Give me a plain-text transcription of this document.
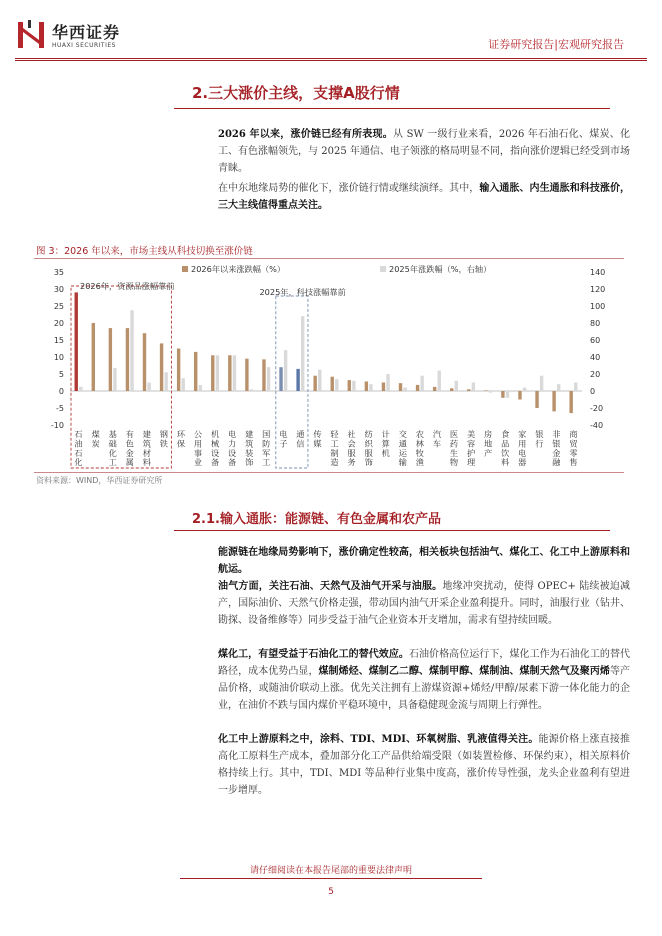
华西证券
HUAXI SECURITIES	证券研究报告|宏观研究报告
2.三大涨价主线，支撑A股行情
2026 年以来，涨价链已经有所表现。从 SW 一级行业来看，2026 年石油石化、煤炭、化工、有色涨幅领先，与 2025 年通信、电子领涨的格局明显不同，指向涨价逻辑已经受到市场青睐。
在中东地缘局势的催化下，涨价链行情或继续演绎。其中，输入通胀、内生通胀和科技涨价，三大主线值得重点关注。
图 3：2026 年以来，市场主线从科技切换至涨价链
-10
-5
0
5
10
15
20
25
30
35
-40
-20
0
20
40
60
80
100
120
140
石
油
石
化
煤
炭
基
础
化
工
有
色
金
属
建
筑
材
料
钢
铁
环
保
公
用
事
业
机
械
设
备
电
力
设
备
建
筑
装
饰
国
防
军
工
电
子
通
信
传
媒
轻
工
制
造
社
会
服
务
纺
织
服
饰
计
算
机
交
通
运
输
农
林
牧
渔
汽
车
医
药
生
物
美
容
护
理
房
地
产
食
品
饮
料
家
用
电
器
银
行
非
银
金
融
商
贸
零
售
2026年，资源品涨幅靠前
2025年，科技涨幅靠前
2026年以来涨跌幅（%）	2025年涨跌幅（%，右轴）
资料来源：WIND，华西证券研究所
2.1.输入通胀：能源链、有色金属和农产品
能源链在地缘局势影响下，涨价确定性较高，相关板块包括油气、煤化工、化工中上游原料和航运。
油气方面，关注石油、天然气及油气开采与油服。地缘冲突扰动，使得 OPEC+ 陆续被迫减产，国际油价、天然气价格走强，带动国内油气开采企业盈利提升。同时，油服行业（钻井、勘探、设备维修等）同步受益于油气企业资本开支增加，需求有望持续回暖。
煤化工，有望受益于石油化工的替代效应。石油价格高位运行下，煤化工作为石油化工的替代路径，成本优势凸显，煤制烯烃、煤制乙二醇、煤制甲醇、煤制油、煤制天然气及聚丙烯等产品价格，或随油价联动上涨。优先关注拥有上游煤资源+烯烃/甲醇/尿素下游一体化能力的企业，在油价不跌与国内煤价平稳环境中，具备稳健现金流与周期上行弹性。
化工中上游原料之中，涂料、TDI、MDI、环氧树脂、乳液值得关注。能源价格上涨直接推高化工原料生产成本，叠加部分化工产品供给端受限（如装置检修、环保约束），相关原料价格持续上行。其中，TDI、MDI 等品种行业集中度高，涨价传导性强，龙头企业盈利有望进一步增厚。
请仔细阅读在本报告尾部的重要法律声明
5
